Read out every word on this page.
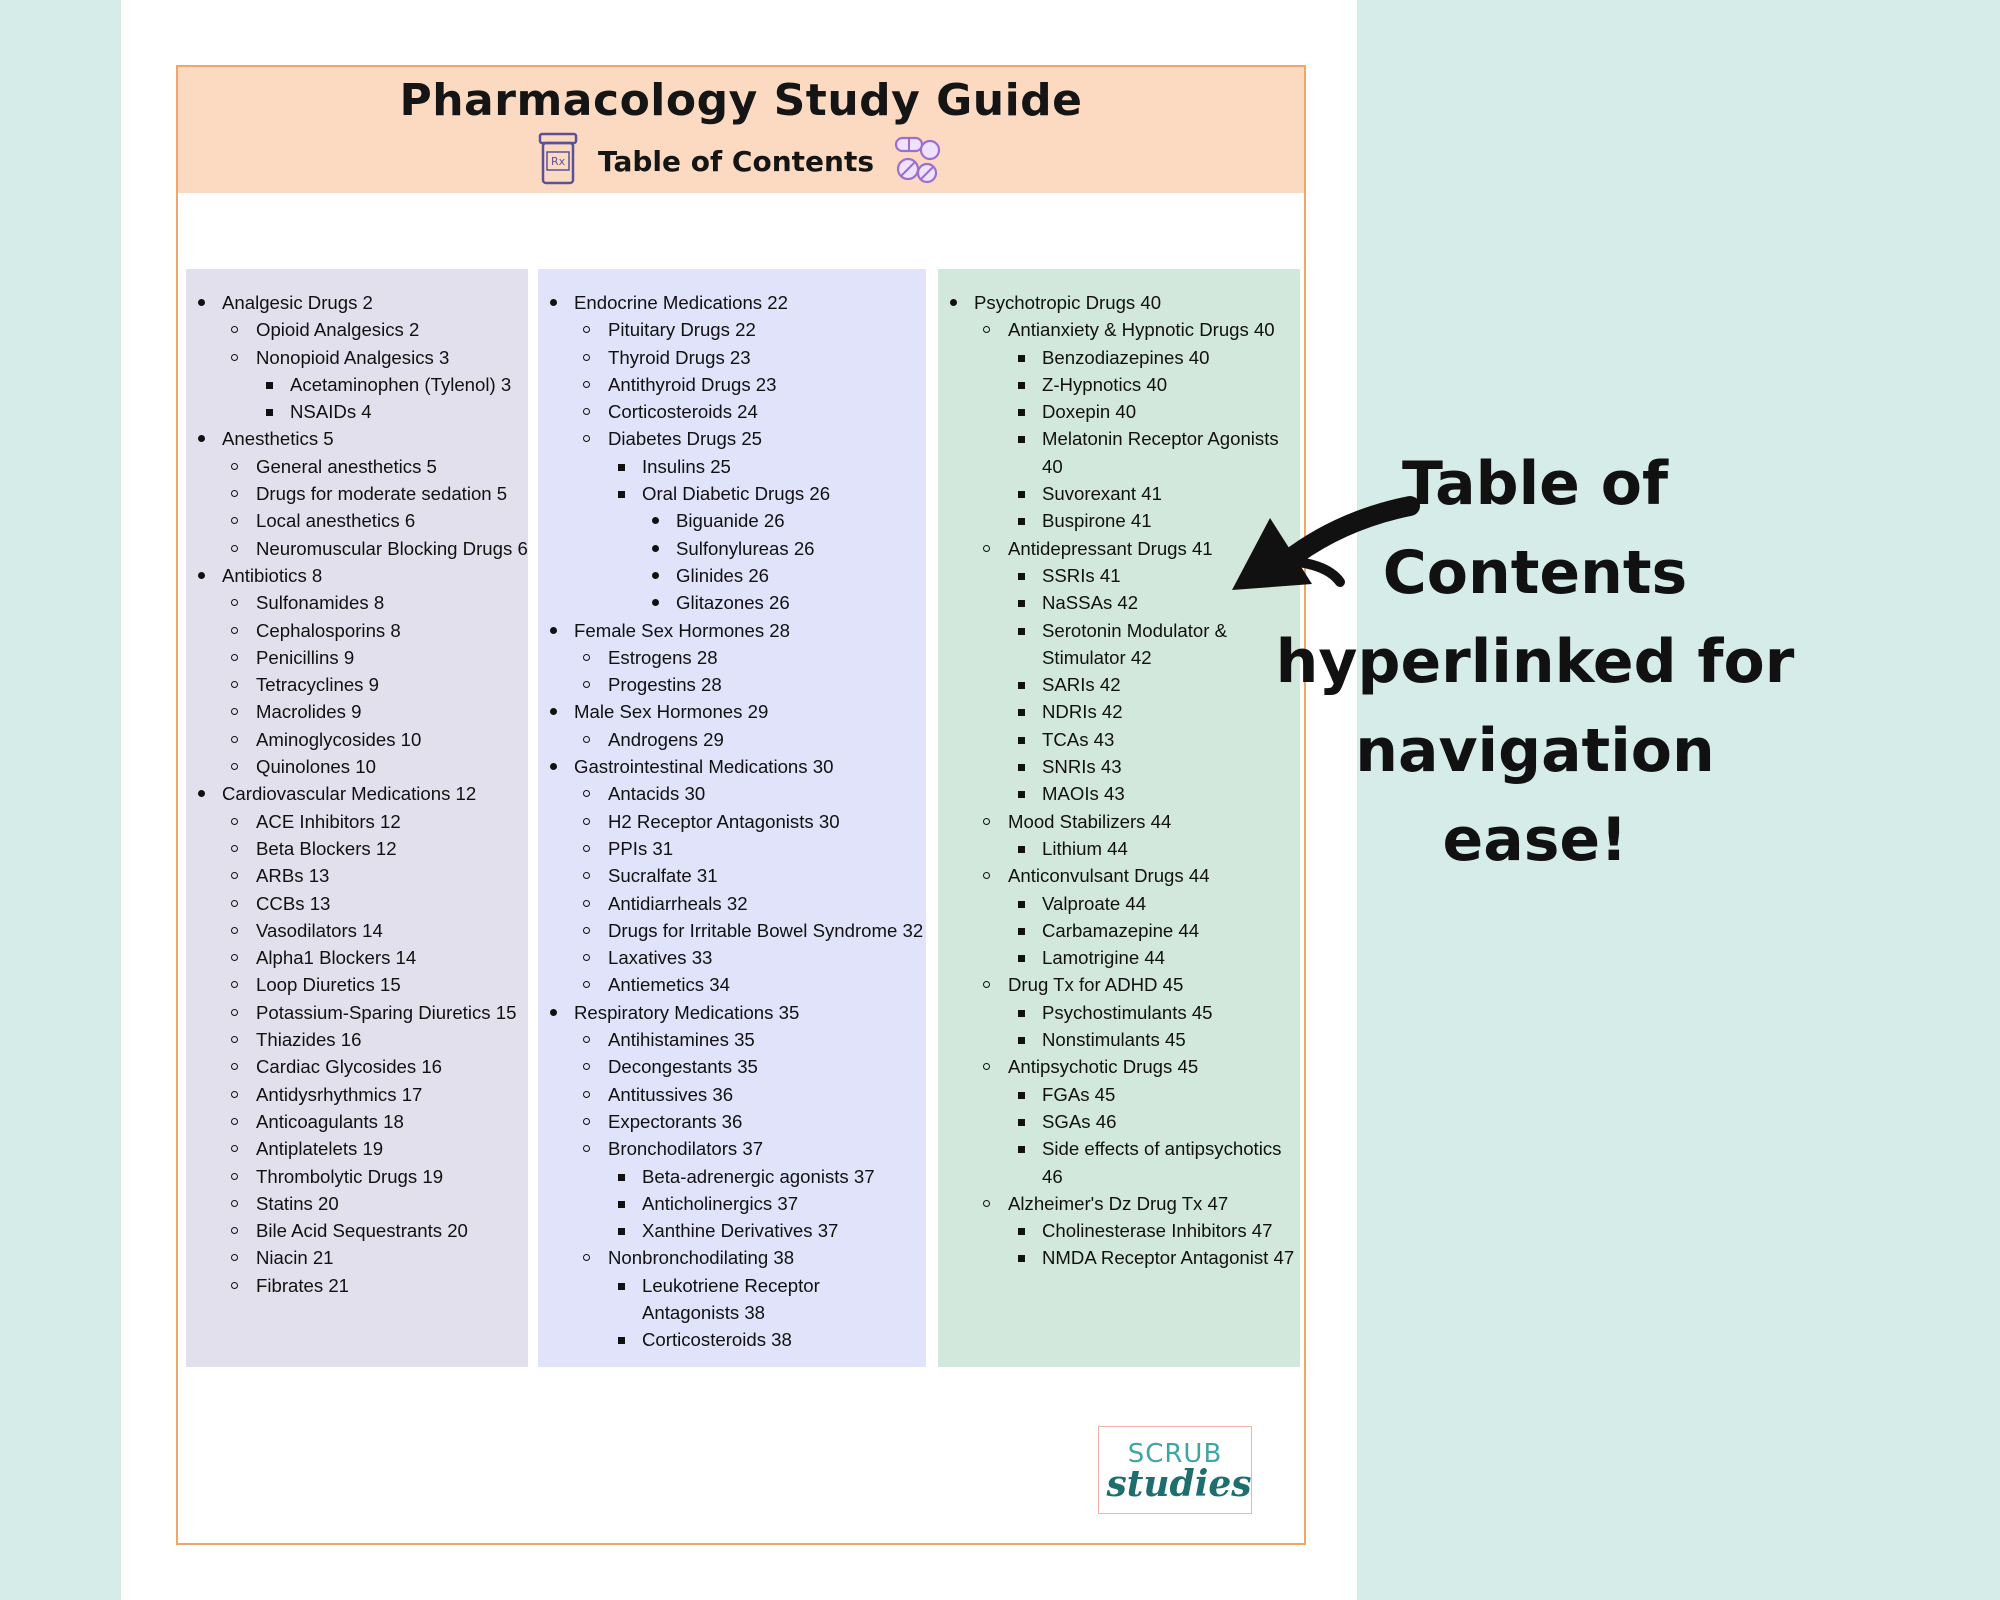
Pharmacology Study Guide
Rx Table of Contents
Analgesic Drugs 2
Opioid Analgesics 2
Nonopioid Analgesics 3
Acetaminophen (Tylenol) 3
NSAIDs 4
Anesthetics 5
General anesthetics 5
Drugs for moderate sedation 5
Local anesthetics 6
Neuromuscular Blocking Drugs 6
Antibiotics 8
Sulfonamides 8
Cephalosporins 8
Penicillins 9
Tetracyclines 9
Macrolides 9
Aminoglycosides 10
Quinolones 10
Cardiovascular Medications 12
ACE Inhibitors 12
Beta Blockers 12
ARBs 13
CCBs 13
Vasodilators 14
Alpha1 Blockers 14
Loop Diuretics 15
Potassium-Sparing Diuretics 15
Thiazides 16
Cardiac Glycosides 16
Antidysrhythmics 17
Anticoagulants 18
Antiplatelets 19
Thrombolytic Drugs 19
Statins 20
Bile Acid Sequestrants 20
Niacin 21
Fibrates 21
Endocrine Medications 22
Pituitary Drugs 22
Thyroid Drugs 23
Antithyroid Drugs 23
Corticosteroids 24
Diabetes Drugs 25
Insulins 25
Oral Diabetic Drugs 26
Biguanide 26
Sulfonylureas 26
Glinides 26
Glitazones 26
Female Sex Hormones 28
Estrogens 28
Progestins 28
Male Sex Hormones 29
Androgens 29
Gastrointestinal Medications 30
Antacids 30
H2 Receptor Antagonists 30
PPIs 31
Sucralfate 31
Antidiarrheals 32
Drugs for Irritable Bowel Syndrome 32
Laxatives 33
Antiemetics 34
Respiratory Medications 35
Antihistamines 35
Decongestants 35
Antitussives 36
Expectorants 36
Bronchodilators 37
Beta-adrenergic agonists 37
Anticholinergics 37
Xanthine Derivatives 37
Nonbronchodilating 38
Leukotriene Receptor Antagonists 38
Corticosteroids 38
Psychotropic Drugs 40
Antianxiety & Hypnotic Drugs 40
Benzodiazepines 40
Z-Hypnotics 40
Doxepin 40
Melatonin Receptor Agonists 40
Suvorexant 41
Buspirone 41
Antidepressant Drugs 41
SSRIs 41
NaSSAs 42
Serotonin Modulator & Stimulator 42
SARIs 42
NDRIs 42
TCAs 43
SNRIs 43
MAOIs 43
Mood Stabilizers 44
Lithium 44
Anticonvulsant Drugs 44
Valproate 44
Carbamazepine 44
Lamotrigine 44
Drug Tx for ADHD 45
Psychostimulants 45
Nonstimulants 45
Antipsychotic Drugs 45
FGAs 45
SGAs 46
Side effects of antipsychotics 46
Alzheimer's Dz Drug Tx 47
Cholinesterase Inhibitors 47
NMDA Receptor Antagonist 47
SCRUB
studies
Table of Contents hyperlinked for navigation ease!
